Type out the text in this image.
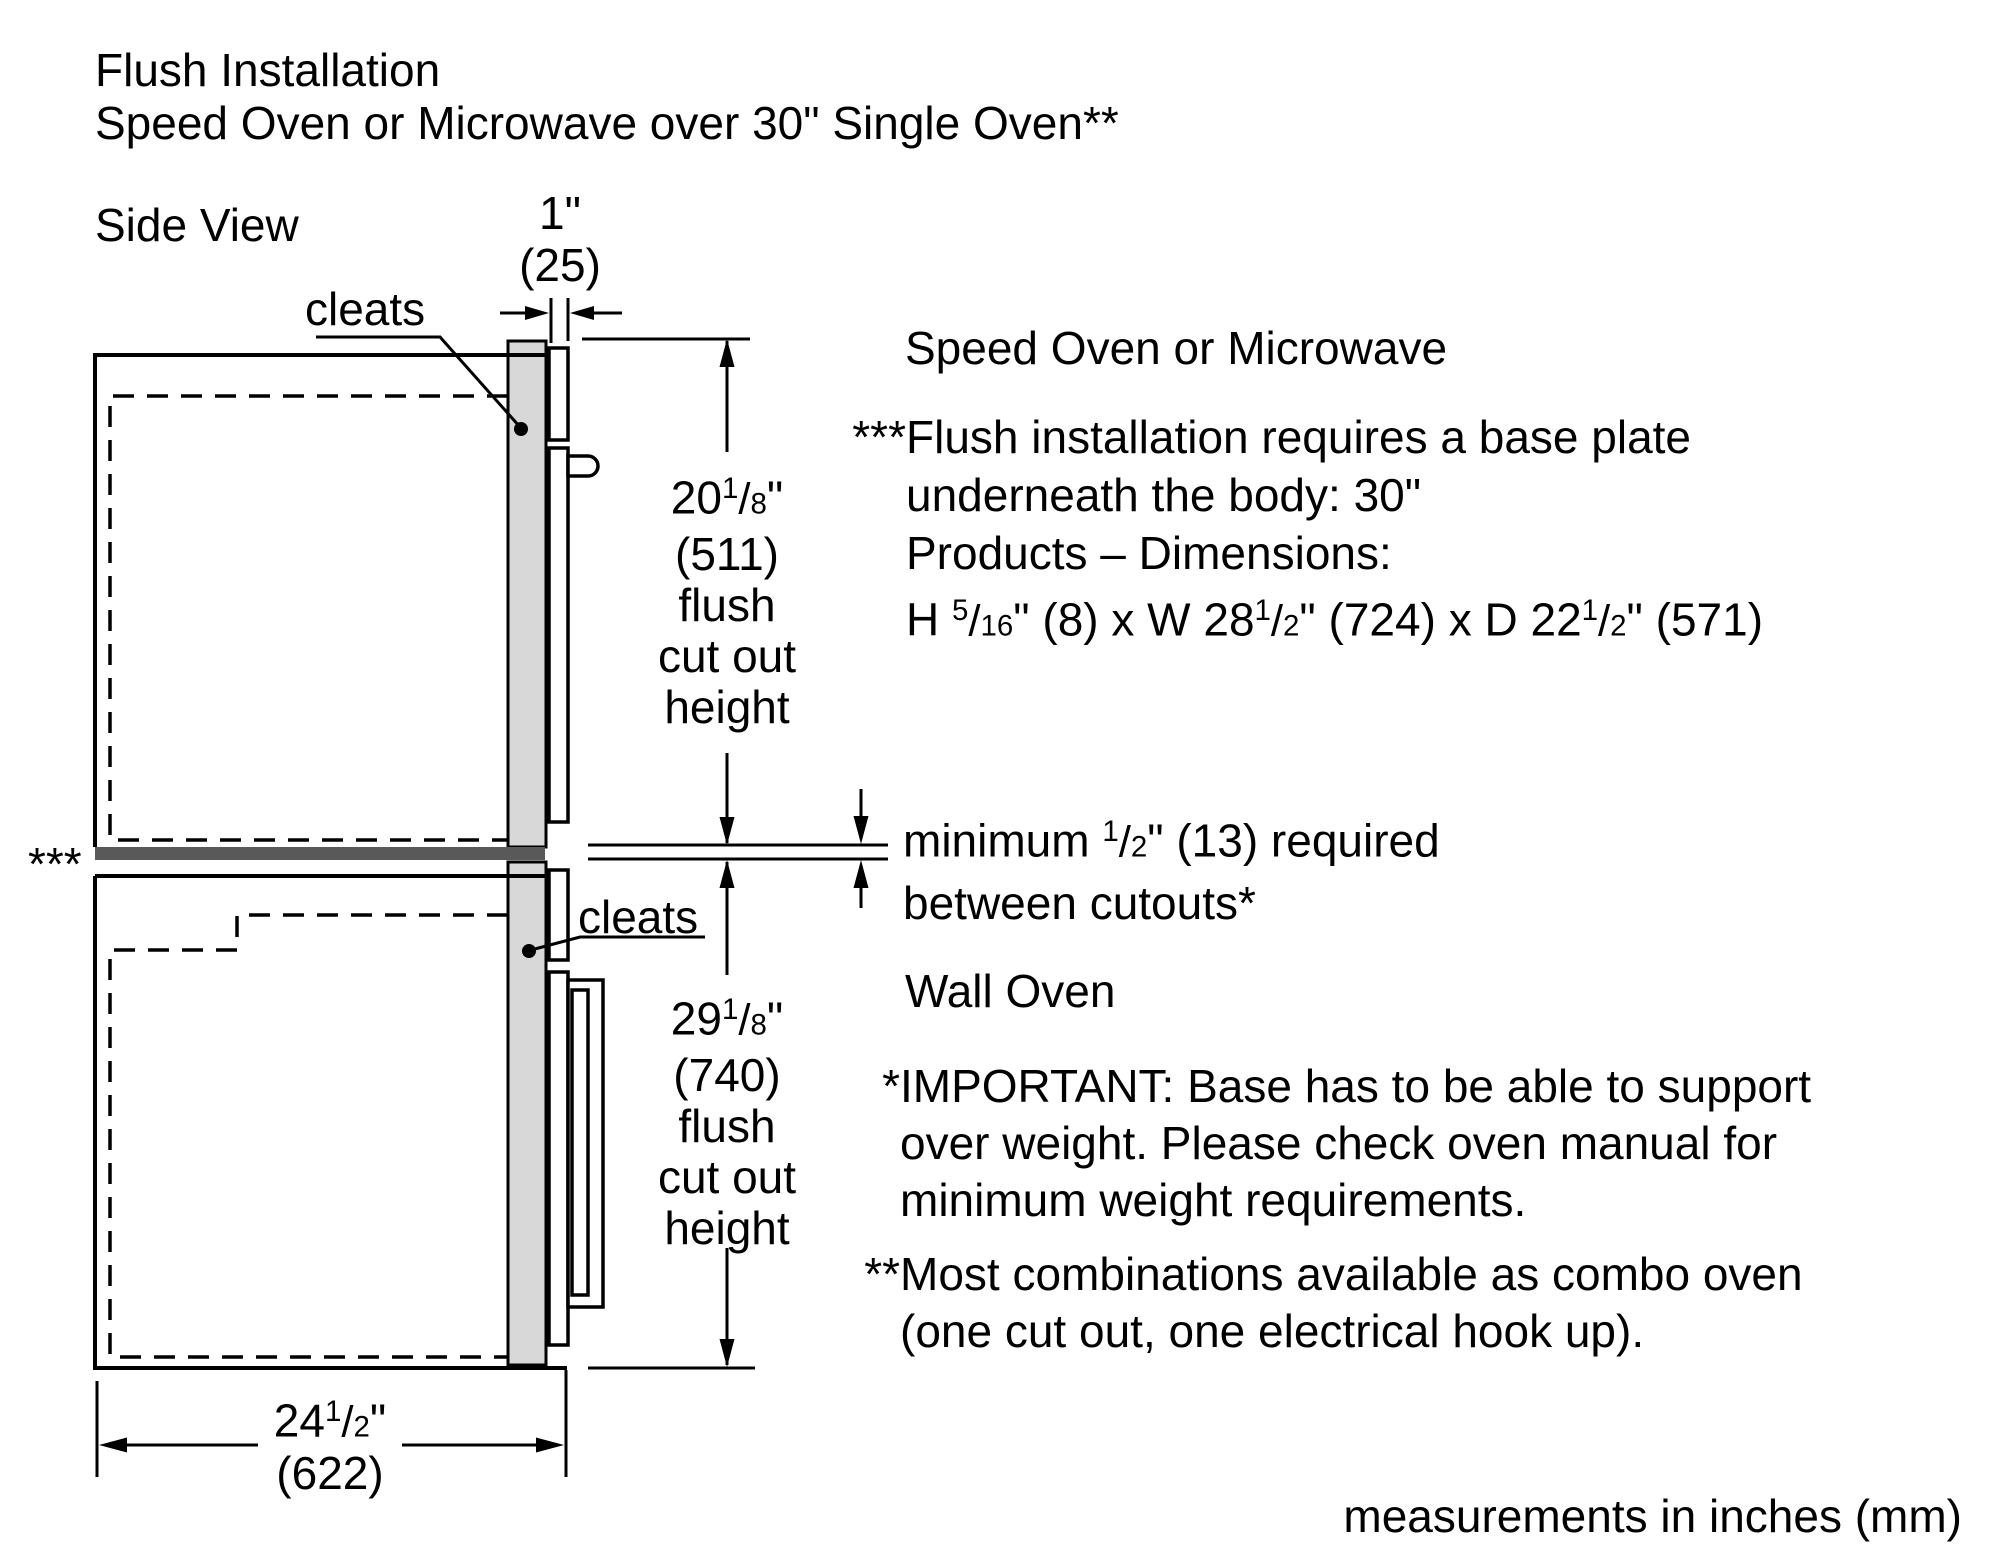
Flush Installation
Speed Oven or Microwave over 30" Single Oven**
Side View	1"
(25)
cleats
cleats
***
$20^1/8$"
(511)
flush
cut out
height
$29^1/8$"
(740)
flush
cut out
height
$24^1/2$"
(622)
Speed Oven or Microwave
*** Flush installation requires a base plate
underneath the body: 30"
Products – Dimensions:
H $^5$/16" (8) x W $28^1/2$" (724) x D $22^1/2$" (571)
minimum $^1$/2" (13) required
between cutouts*
Wall Oven
* IMPORTANT: Base has to be able to support
over weight. Please check oven manual for
minimum weight requirements.
** Most combinations available as combo oven
(one cut out, one electrical hook up).
measurements in inches (mm)
